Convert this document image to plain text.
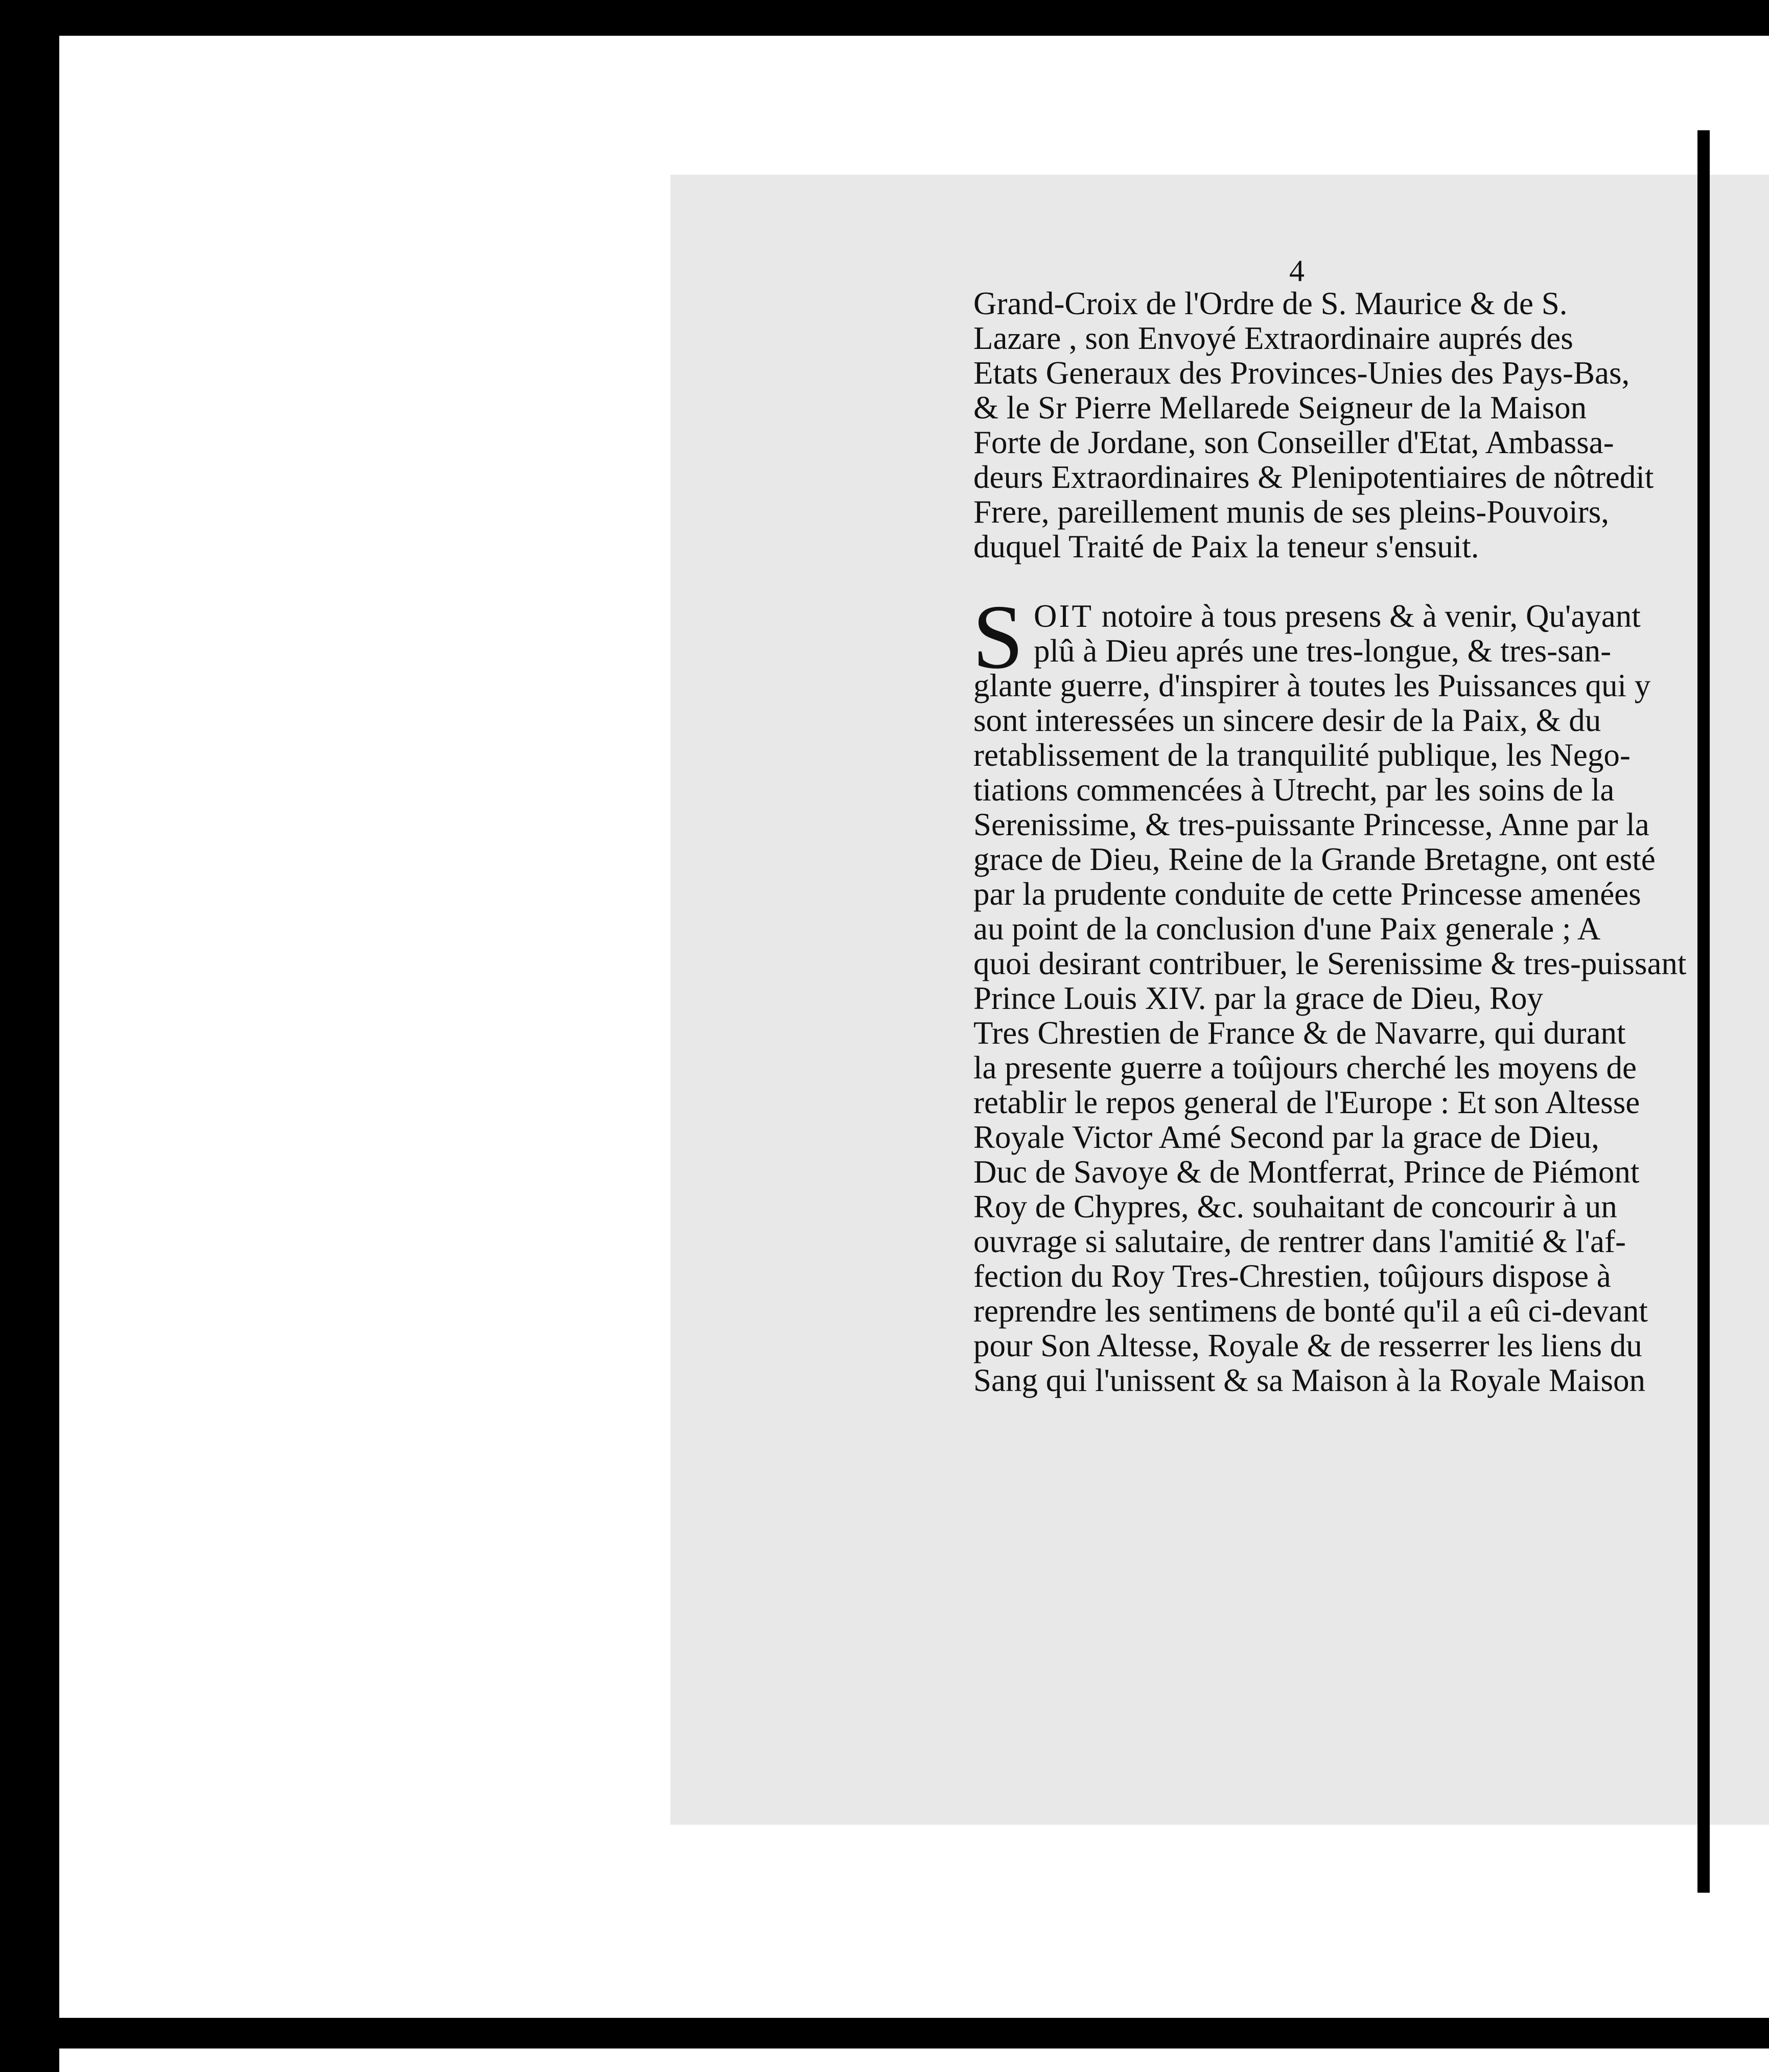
4
Grand-Croix de l'Ordre de S. Maurice & de S.
Lazare , son Envoyé Extraordinaire auprés des
Etats Generaux des Provinces-Unies des Pays-Bas,
& le Sr Pierre Mellarede Seigneur de la Maison
Forte de Jordane, son Conseiller d'Etat, Ambassa-
deurs Extraordinaires & Plenipotentiaires de nôtredit
Frere, pareillement munis de ses pleins-Pouvoirs,
duquel Traité de Paix la teneur s'ensuit.
S OIT notoire à tous presens & à venir, Qu'ayant
plû à Dieu aprés une tres-longue, & tres-san-
glante guerre, d'inspirer à toutes les Puissances qui y
sont interessées un sincere desir de la Paix, & du
retablissement de la tranquilité publique, les Nego-
tiations commencées à Utrecht, par les soins de la
Serenissime, & tres-puissante Princesse, Anne par la
grace de Dieu, Reine de la Grande Bretagne, ont esté
par la prudente conduite de cette Princesse amenées
au point de la conclusion d'une Paix generale ; A
quoi desirant contribuer, le Serenissime & tres-puissant
Prince Louis XIV. par la grace de Dieu, Roy
Tres Chrestien de France & de Navarre, qui durant
la presente guerre a toûjours cherché les moyens de
retablir le repos general de l'Europe : Et son Altesse
Royale Victor Amé Second par la grace de Dieu,
Duc de Savoye & de Montferrat, Prince de Piémont
Roy de Chypres, &c. souhaitant de concourir à un
ouvrage si salutaire, de rentrer dans l'amitié & l'af-
fection du Roy Tres-Chrestien, toûjours dispose à
reprendre les sentimens de bonté qu'il a eû ci-devant
pour Son Altesse, Royale & de resserrer les liens du
Sang qui l'unissent & sa Maison à la Royale Maison
